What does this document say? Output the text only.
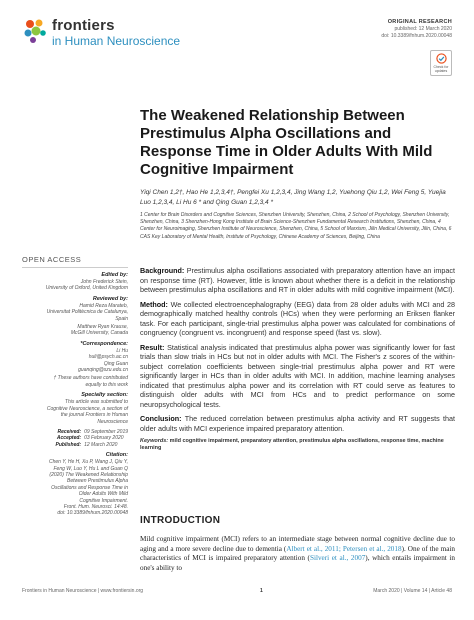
frontiers
in Human Neuroscience
ORIGINAL RESEARCH
published: 12 March 2020
doi: 10.3389/fnhum.2020.00048
Check for updates
The Weakened Relationship Between Prestimulus Alpha Oscillations and Response Time in Older Adults With Mild Cognitive Impairment
Yiqi Chen 1,2†, Hao He 1,2,3,4†, Pengfei Xu 1,2,3,4, Jing Wang 1,2, Yuehong Qiu 1,2, Wei Feng 5, Yuejia Luo 1,2,3,4, Li Hu 6 * and Qing Guan 1,2,3,4 *
1 Center for Brain Disorders and Cognitive Sciences, Shenzhen University, Shenzhen, China, 2 School of Psychology, Shenzhen University, Shenzhen, China, 3 Shenzhen-Hong Kong Institute of Brain Science-Shenzhen Fundamental Research Institutions, Shenzhen, China, 4 Center for Neuroimaging, Shenzhen Institute of Neuroscience, Shenzhen, China, 5 School of Marxism, Jilin Medical University, Jilin, China, 6 CAS Key Laboratory of Mental Health, Institute of Psychology, Chinese Academy of Sciences, Beijing, China
OPEN ACCESS
Edited by:
John Frederick Stein,
University of Oxford, United Kingdom
Reviewed by:
Hamid Reza Marateb,
Universitat Politècnica de Catalunya,
Spain
Matthew Ryan Krause,
McGill University, Canada
*Correspondence:
Li Hu
huli@psych.ac.cn
Qing Guan
guanqing@szu.edu.cn
† These authors have contributed
equally to this work
Specialty section:
This article was submitted to
Cognitive Neuroscience, a section of
the journal Frontiers in Human
Neuroscience
Received: 09 September 2019
Accepted: 03 February 2020
Published: 12 March 2020
Citation:
Chen Y, He H, Xu P, Wang J, Qiu Y,
Feng W, Luo Y, Hu L and Guan Q
(2020) The Weakened Relationship
Between Prestimulus Alpha
Oscillations and Response Time in
Older Adults With Mild
Cognitive Impairment.
Front. Hum. Neurosci. 14:48.
doi: 10.3389/fnhum.2020.00048

Background: Prestimulus alpha oscillations associated with preparatory attention have an impact on response time (RT). However, little is known about whether there is a deficit in the relationship between prestimulus alpha oscillations and RT in older adults with mild cognitive impairment (MCI).

Method: We collected electroencephalography (EEG) data from 28 older adults with MCI and 28 demographically matched healthy controls (HCs) when they were performing an Eriksen flanker task. For each participant, single-trial prestimulus alpha power was calculated for combinations of congruency (congruent vs. incongruent) and response speed (fast vs. slow).

Result: Statistical analysis indicated that prestimulus alpha power was significantly lower for fast trials than slow trials in HCs but not in older adults with MCI. The Fisher's z scores of the within-subject correlation coefficients between single-trial prestimulus alpha power and RT were significantly larger in HCs than in older adults with MCI. In addition, machine learning analyses indicated that prestimulus alpha power and its correlation with RT could serve as features to distinguish older adults with MCI from HCs and to predict performance on some neuropsychological tests.

Conclusion: The reduced correlation between prestimulus alpha activity and RT suggests that older adults with MCI experience impaired preparatory attention.

Keywords: mild cognitive impairment, preparatory attention, prestimulus alpha oscillations, response time, machine learning

INTRODUCTION

Mild cognitive impairment (MCI) refers to an intermediate stage between normal cognitive decline due to aging and a more severe decline due to dementia (Albert et al., 2011; Petersen et al., 2018). One of the main characteristics of MCI is impaired preparatory attention (Silveri et al., 2007), which entails impairment in one's ability to

Frontiers in Human Neuroscience | www.frontiersin.org	1	March 2020 | Volume 14 | Article 48
